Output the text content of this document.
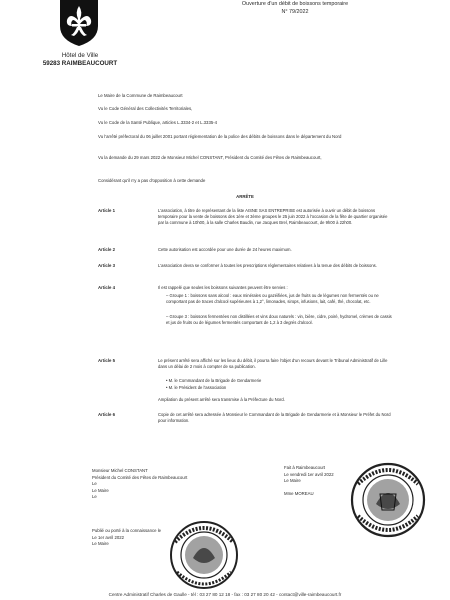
Hôtel de Ville
59283 RAIMBEAUCOURT
Ouverture d'un débit de boissons temporaire
N° 79/2022
Le Maire de la Commune de Raimbeaucourt
Vu le Code Général des Collectivités Territoriales,
Vu le Code de la Santé Publique, articles L.3334-2 et L.3335-4
Vu l'arrêté préfectoral du 06 juillet 2001 portant réglementation de la police des débits de boissons dans le département du Nord
Vu la demande du 29 mars 2022 de Monsieur Michel CONSTANT, Président du Comité des Fêtes de Raimbeaucourt,
Considérant qu'il n'y a pas d'opposition à cette demande
ARRÊTE
Article 1	L'association, à titre de représentant de la liste AISNE SAS ENTREPRISE est autorisée à ouvrir un débit de boissons temporaire pour la vente de boissons des 1ère et 3ème groupes le 25 juin 2022 à l'occasion de la fête de quartier organisée par la commune à 10h00, à la salle Charles Baudin, rue Jacques Brel, Raimbeaucourt, de 9h00 à 22h00.
Article 2	Cette autorisation est accordée pour une durée de 24 heures maximum.
Article 3	L'association devra se conformer à toutes les prescriptions réglementaires relatives à la tenue des débits de boissons.
Article 4	Il est rappelé que seules les boissons suivantes peuvent être servies :
– Groupe 1 : boissons sans alcool : eaux minérales ou gazéifiées, jus de fruits ou de légumes non fermentés ou ne comportant pas de traces d'alcool supérieures à 1,2°, limonades, sirops, infusions, lait, café, thé, chocolat, etc.
– Groupe 3 : boissons fermentées non distillées et vins doux naturels : vin, bière, cidre, poiré, hydromel, crèmes de cassis et jus de fruits ou de légumes fermentés comportant de 1,2 à 3 degrés d'alcool.
Article 5	Le présent arrêté sera affiché sur les lieux du débit, il pourra faire l'objet d'un recours devant le Tribunal Administratif de Lille dans un délai de 2 mois à compter de sa publication.
• M. le Commandant de la Brigade de Gendarmerie
• M. le Président de l'association
Ampliation du présent arrêté sera transmise à la Préfecture du Nord.
Article 6	Copie de cet arrêté sera adressée à Monsieur le Commandant de la Brigade de Gendarmerie et à Monsieur le Préfet du Nord pour information.
Monsieur Michel CONSTANT
Président du Comité des Fêtes de Raimbeaucourt
Le
Le Maire
Le
Fait à Raimbeaucourt
Le vendredi 1er avril 2022
Le Maire
Mme MOREAU
Publié ou porté à la connaissance le
Le 1er avril 2022
Le Maire
Centre Administratif Charles de Gaulle - tél : 03 27 80 12 18 - fax : 03 27 80 20 42 - contact@ville-raimbeaucourt.fr
